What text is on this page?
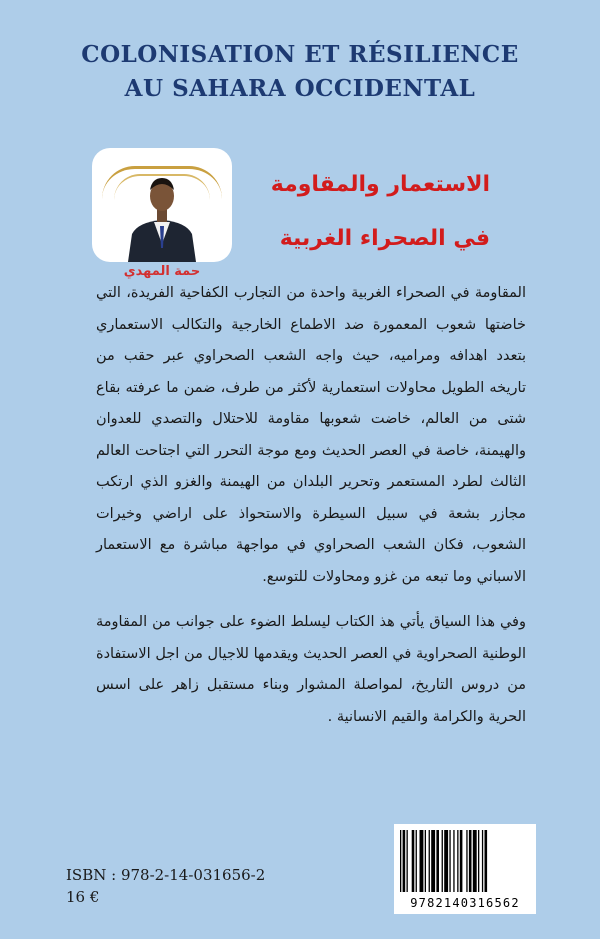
COLONISATION ET RÉSILIENCE
AU SAHARA OCCIDENTAL
حمة المهدي
الاستعمار والمقاومة
في الصحراء الغربية

المقاومة في الصحراء الغربية واحدة من التجارب الكفاحية الفريدة، التي خاضتها شعوب المعمورة ضد الاطماع الخارجية والتكالب الاستعماري بتعدد اهدافه ومراميه، حيث واجه الشعب الصحراوي عبر حقب من تاريخه الطويل محاولات استعمارية لأكثر من طرف، ضمن ما عرفته بقاع شتى من العالم، خاضت شعوبها مقاومة للاحتلال والتصدي للعدوان والهيمنة، خاصة في العصر الحديث ومع موجة التحرر التي اجتاحت العالم الثالث لطرد المستعمر وتحرير البلدان من الهيمنة والغزو الذي ارتكب مجازر بشعة في سبيل السيطرة والاستحواذ على اراضي وخيرات الشعوب، فكان الشعب الصحراوي في مواجهة مباشرة مع الاستعمار الاسباني وما تبعه من غزو ومحاولات للتوسع.

وفي هذا السياق يأتي هذ الكتاب ليسلط الضوء على جوانب من المقاومة الوطنية الصحراوية في العصر الحديث ويقدمها للاجيال من اجل الاستفادة من دروس التاريخ، لمواصلة المشوار وبناء مستقبل زاهر على اسس الحرية والكرامة والقيم الانسانية .

ISBN : 978-2-14-031656-2
16 €	9782140316562
